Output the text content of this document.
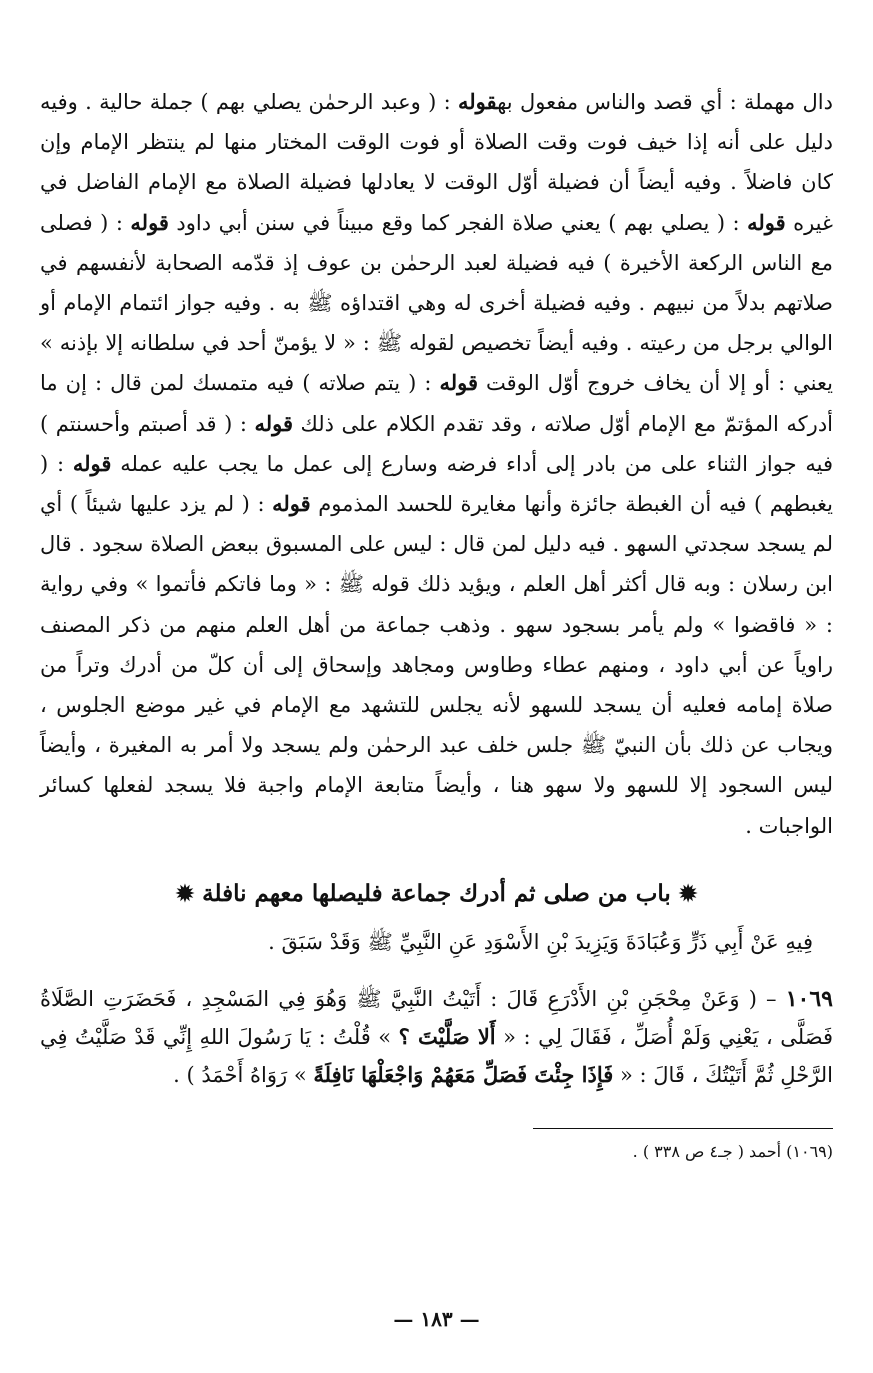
دال مهملة : أي قصد والناس مفعول بهقوله : ( وعبد الرحمٰن يصلي بهم ) جملة حالية . وفيه دليل على أنه إذا خيف فوت وقت الصلاة أو فوت الوقت المختار منها لم ينتظر الإمام وإن كان فاضلاً . وفيه أيضاً أن فضيلة أوّل الوقت لا يعادلها فضيلة الصلاة مع الإمام الفاضل في غيره قوله : ( يصلي بهم ) يعني صلاة الفجر كما وقع مبيناً في سنن أبي داود قوله : ( فصلى مع الناس الركعة الأخيرة ) فيه فضيلة لعبد الرحمٰن بن عوف إذ قدّمه الصحابة لأنفسهم في صلاتهم بدلاً من نبيهم . وفيه فضيلة أخرى له وهي اقتداؤه ﷺ به . وفيه جواز ائتمام الإمام أو الوالي برجل من رعيته . وفيه أيضاً تخصيص لقوله ﷺ : « لا يؤمنّ أحد في سلطانه إلا بإذنه » يعني : أو إلا أن يخاف خروج أوّل الوقت قوله : ( يتم صلاته ) فيه متمسك لمن قال : إن ما أدركه المؤتمّ مع الإمام أوّل صلاته ، وقد تقدم الكلام على ذلك قوله : ( قد أصبتم وأحسنتم ) فيه جواز الثناء على من بادر إلى أداء فرضه وسارع إلى عمل ما يجب عليه عمله قوله : ( يغبطهم ) فيه أن الغبطة جائزة وأنها مغايرة للحسد المذموم قوله : ( لم يزد عليها شيئاً ) أي لم يسجد سجدتي السهو . فيه دليل لمن قال : ليس على المسبوق ببعض الصلاة سجود . قال ابن رسلان : وبه قال أكثر أهل العلم ، ويؤيد ذلك قوله ﷺ : « وما فاتكم فأتموا » وفي رواية : « فاقضوا » ولم يأمر بسجود سهو . وذهب جماعة من أهل العلم منهم من ذكر المصنف راوياً عن أبي داود ، ومنهم عطاء وطاوس ومجاهد وإسحاق إلى أن كلّ من أدرك وتراً من صلاة إمامه فعليه أن يسجد للسهو لأنه يجلس للتشهد مع الإمام في غير موضع الجلوس ، ويجاب عن ذلك بأن النبيّ ﷺ جلس خلف عبد الرحمٰن ولم يسجد ولا أمر به المغيرة ، وأيضاً ليس السجود إلا للسهو ولا سهو هنا ، وأيضاً متابعة الإمام واجبة فلا يسجد لفعلها كسائر الواجبات .

✹ باب من صلى ثم أدرك جماعة فليصلها معهم نافلة ✹

فِيهِ عَنْ أَبِي ذَرٍّ وَعُبَادَةَ وَيَزِيدَ بْنِ الأَسْوَدِ عَنِ النَّبِيِّ ﷺ وَقَدْ سَبَقَ .

١٠٦٩ – ( وَعَنْ مِحْجَنِ بْنِ الأَدْرَعِ قَالَ : أَتَيْتُ النَّبِيَّ ﷺ وَهُوَ فِي المَسْجِدِ ، فَحَضَرَتِ الصَّلَاةُ فَصَلَّى ، يَعْنِي وَلَمْ أُصَلِّ ، فَقَالَ لِي : « أَلا صَلَّيْتَ ؟ » قُلْتُ : يَا رَسُولَ اللهِ إِنِّي قَدْ صَلَّيْتُ فِي الرَّحْلِ ثُمَّ أَتَيْتُكَ ، قَالَ : « فَإِذَا جِئْتَ فَصَلِّ مَعَهُمْ وَاجْعَلْهَا نَافِلَةً » رَوَاهُ أَحْمَدُ ) .

(١٠٦٩) أحمد ( جـ٤ ص ٣٣٨ ) .

— ١٨٣ —
